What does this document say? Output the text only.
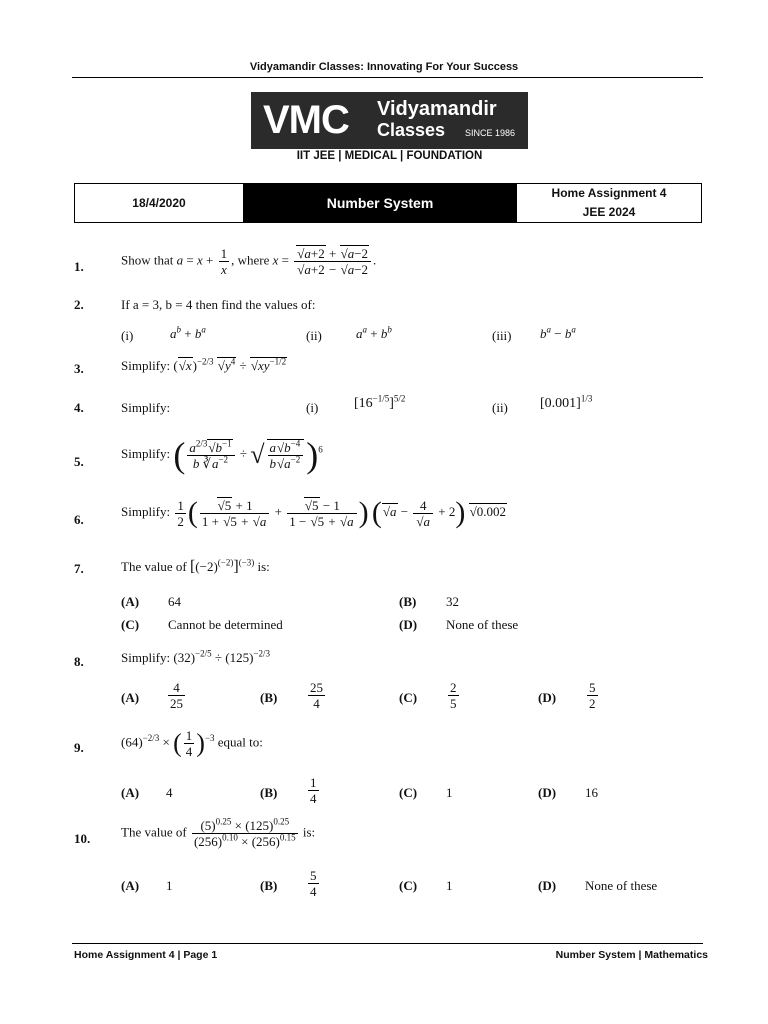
Vidyamandir Classes: Innovating For Your Success
VMC Vidyamandir
Classes SINCE 1986
IIT JEE | MEDICAL | FOUNDATION
18/4/2020	Number System
Home Assignment 4
JEE 2024
1.	Show that $a = x + \frac{1}{x}$ , where $x = \frac{√a+2 + √a-2}{√a+2 - √a-2}$ .
2.	If a = 3, b = 4 then find the values of:
(i)	$a^b + b^a$	(ii)	$a^a + b^b$	(iii) $b^a - b^a$
3.	Simplify: $(√x)^{-2/3}$ $√y^4 \div √xy^{-1/2}$
4.	Simplify:	(i)	$[16^{-1/5}]^{5/2}$
(ii) $[0.001]^{1/3}$
5.
Simplify: ( $\frac{a^{2/3}√b^{-1}}{b ∛a^{-2}}$ ÷ √ $\frac{a√b^{-4}}{b√a^{-2}} )^6$
6.
Simplify: $\frac{1}{2}$ ( $\frac{√5 + 1}{1 + √5 + √a} + \frac{√5 - 1}{1 - √5 + √a}$ ) $(√a - \frac{4}{√a} + 2)$ √0.002
7.	The value of $[(-2)^{(-2)}]^{(-3)}$ is:
(A) 64	(B) 32
(C) Cannot be determined	(D) None of these
8.	Simplify: $(32)^{-2/5} \div (125)^{-2/3}$
$(A) \frac{4}{25}$	$(B) \frac{25}{4}$	$(C) \frac{2}{5}$	$(D) \frac{5}{2}$
9.	$(64)^{-2/3}$ × ( $\frac{1}{4} )^{-3}$ equal to:
(A) 4	$(B) \frac{1}{4}$	(C) 1	(D) 16
10. The value of $\frac{(5)^{0.25} \times (125)^{0.25}}{(256)^{0.10} \times (256)^{0.15}}$ is:
(A) 1	$(B) \frac{5}{4}$	(C) 1	(D) None of these
Home Assignment 4 | Page 1	Number System | Mathematics
